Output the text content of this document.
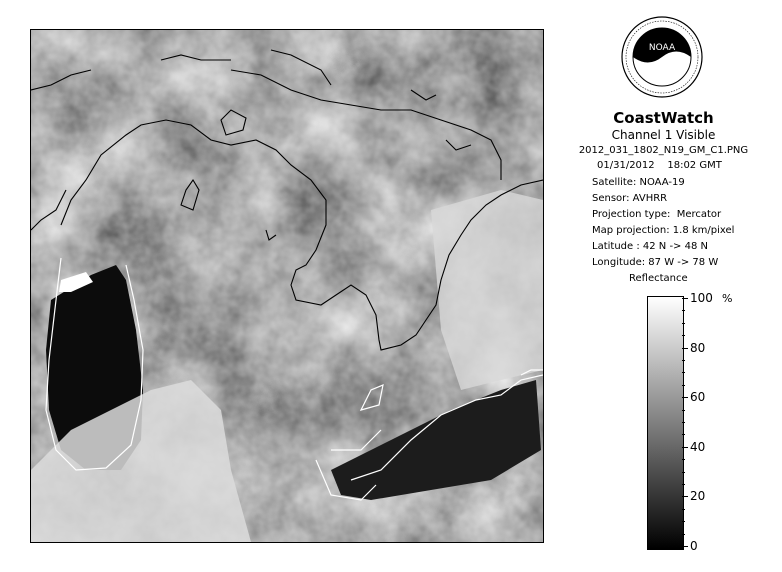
NOAA
CoastWatch
Channel 1 Visible
2012_031_1802_N19_GM_C1.PNG
01/31/2012    18:02 GMT
Satellite: NOAA-19
Sensor: AVHRR
Projection type:  Mercator
Map projection: 1.8 km/pixel
Latitude : 42 N -> 48 N
Longitude: 87 W -> 78 W
Reflectance
%
100
80
60
40
20
0
